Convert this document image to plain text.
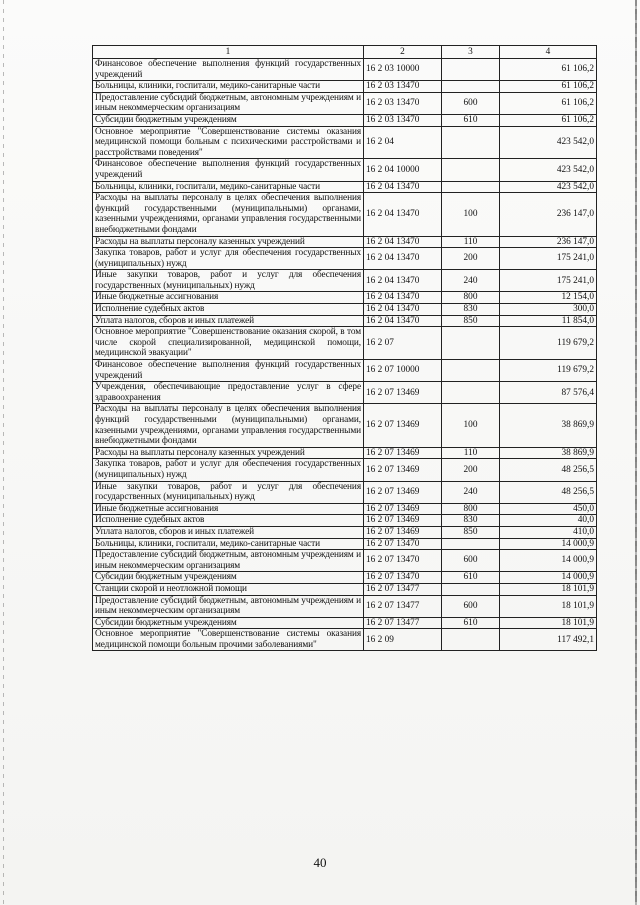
1	2	3	4
Финансовое обеспечение выполнения функций государственных учреждений	16 2 03 10000		61 106,2
Больницы, клиники, госпитали, медико-санитарные части	16 2 03 13470		61 106,2
Предоставление субсидий бюджетным, автономным учреждениям и иным некоммерческим организациям	16 2 03 13470	600	61 106,2
Субсидии бюджетным учреждениям	16 2 03 13470	610	61 106,2
Основное мероприятие "Совершенствование системы оказания медицинской помощи больным с психическими расстройствами и расстройствами поведения"	16 2 04		423 542,0
Финансовое обеспечение выполнения функций государственных учреждений	16 2 04 10000		423 542,0
Больницы, клиники, госпитали, медико-санитарные части	16 2 04 13470		423 542,0
Расходы на выплаты персоналу в целях обеспечения выполнения функций государственными (муниципальными) органами, казенными учреждениями, органами управления государственными внебюджетными фондами	16 2 04 13470	100	236 147,0
Расходы на выплаты персоналу казенных учреждений	16 2 04 13470	110	236 147,0
Закупка товаров, работ и услуг для обеспечения государственных (муниципальных) нужд	16 2 04 13470	200	175 241,0
Иные закупки товаров, работ и услуг для обеспечения государственных (муниципальных) нужд	16 2 04 13470	240	175 241,0
Иные бюджетные ассигнования	16 2 04 13470	800	12 154,0
Исполнение судебных актов	16 2 04 13470	830	300,0
Уплата налогов, сборов и иных платежей	16 2 04 13470	850	11 854,0
Основное мероприятие "Совершенствование оказания скорой, в том числе скорой специализированной, медицинской помощи, медицинской эвакуации"	16 2 07		119 679,2
Финансовое обеспечение выполнения функций государственных учреждений	16 2 07 10000		119 679,2
Учреждения, обеспечивающие предоставление услуг в сфере здравоохранения	16 2 07 13469		87 576,4
Расходы на выплаты персоналу в целях обеспечения выполнения функций государственными (муниципальными) органами, казенными учреждениями, органами управления государственными внебюджетными фондами	16 2 07 13469	100	38 869,9
Расходы на выплаты персоналу казенных учреждений	16 2 07 13469	110	38 869,9
Закупка товаров, работ и услуг для обеспечения государственных (муниципальных) нужд	16 2 07 13469	200	48 256,5
Иные закупки товаров, работ и услуг для обеспечения государственных (муниципальных) нужд	16 2 07 13469	240	48 256,5
Иные бюджетные ассигнования	16 2 07 13469	800	450,0
Исполнение судебных актов	16 2 07 13469	830	40,0
Уплата налогов, сборов и иных платежей	16 2 07 13469	850	410,0
Больницы, клиники, госпитали, медико-санитарные части	16 2 07 13470		14 000,9
Предоставление субсидий бюджетным, автономным учреждениям и иным некоммерческим организациям	16 2 07 13470	600	14 000,9
Субсидии бюджетным учреждениям	16 2 07 13470	610	14 000,9
Станции скорой и неотложной помощи	16 2 07 13477		18 101,9
Предоставление субсидий бюджетным, автономным учреждениям и иным некоммерческим организациям	16 2 07 13477	600	18 101,9
Субсидии бюджетным учреждениям	16 2 07 13477	610	18 101,9
Основное мероприятие "Совершенствование системы оказания медицинской помощи больным прочими заболеваниями"	16 2 09		117 492,1
40
